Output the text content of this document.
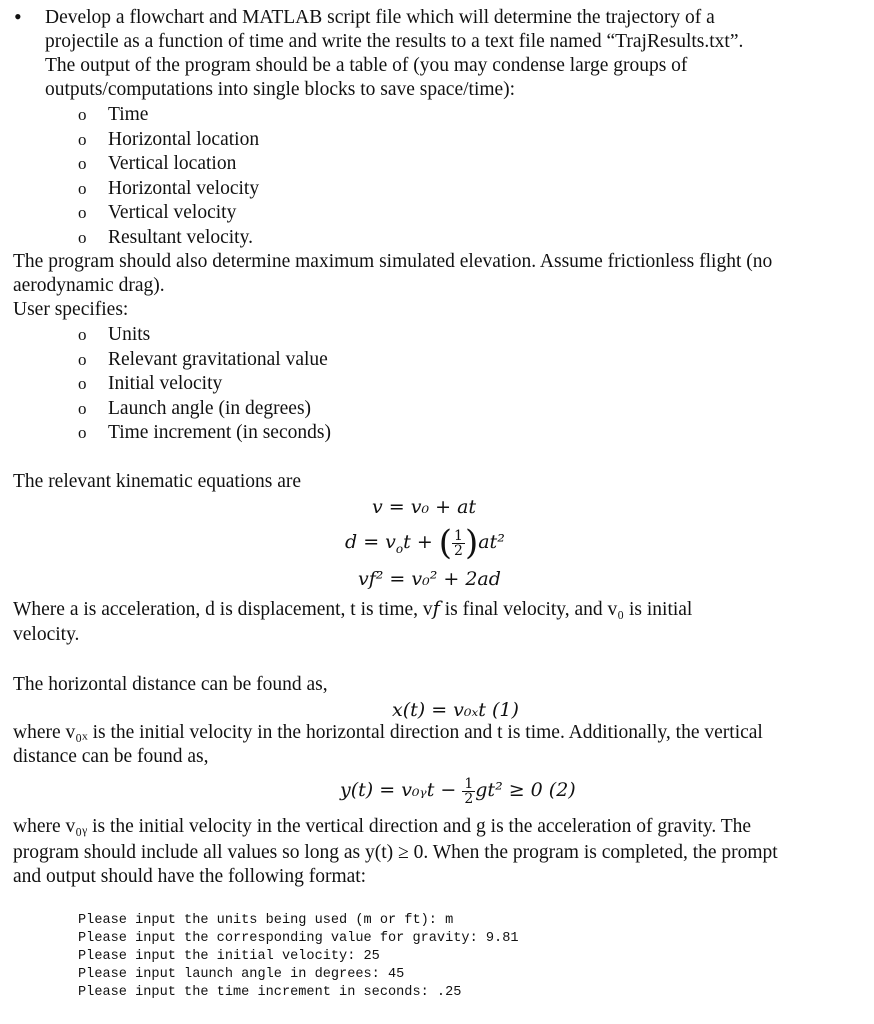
• Develop a flowchart and MATLAB script file which will determine the trajectory of a
projectile as a function of time and write the results to a text file named “TrajResults.txt”.
The output of the program should be a table of (you may condense large groups of
outputs/computations into single blocks to save space/time):
o Time
o Horizontal location
o Vertical location
o Horizontal velocity
o Vertical velocity
o Resultant velocity.
The program should also determine maximum simulated elevation. Assume frictionless flight (no
aerodynamic drag).
User specifies:
o Units
o Relevant gravitational value
o Initial velocity
o Launch angle (in degrees)
o Time increment (in seconds)
The relevant kinematic equations are
v = v₀ + at
$d = v_ot$ + ( $\frac{1}{2} )at^2$
v𝑓² = v₀² + 2ad
Where a is acceleration, d is displacement, t is time, v𝑓 is final velocity, and v₀ is initial
velocity.
The horizontal distance can be found as,
x(t) = v₀ₓt (1)
where v₀ₓ is the initial velocity in the horizontal direction and t is time. Additionally, the vertical
distance can be found as,
y(t) = v₀ᵧt − $\frac{1}{2} gt^2 \ge 0$ (2)
where v₀ᵧ is the initial velocity in the vertical direction and g is the acceleration of gravity. The
program should include all values so long as y(t) ≥ 0. When the program is completed, the prompt
and output should have the following format:
Please input the units being used (m or ft): m
Please input the corresponding value for gravity: 9.81
Please input the initial velocity: 25
Please input launch angle in degrees: 45
Please input the time increment in seconds: .25
